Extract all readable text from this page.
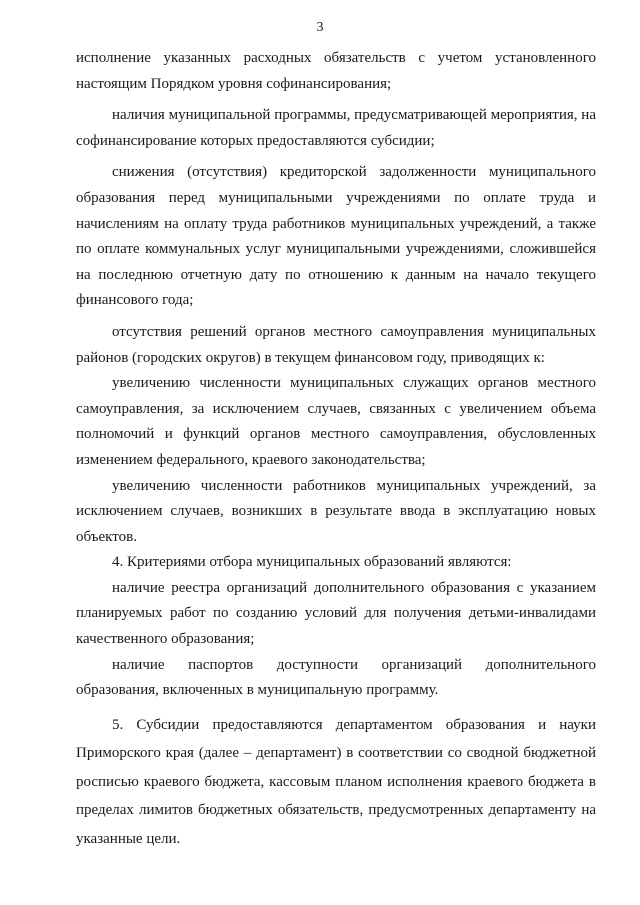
3

исполнение указанных расходных обязательств с учетом установленного настоящим Порядком уровня софинансирования;

наличия муниципальной программы, предусматривающей мероприятия, на софинансирование которых предоставляются субсидии;

снижения (отсутствия) кредиторской задолженности муниципального образования перед муниципальными учреждениями по оплате труда и начислениям на оплату труда работников муниципальных учреждений, а также по оплате коммунальных услуг муниципальными учреждениями, сложившейся на последнюю отчетную дату по отношению к данным на начало текущего финансового года;

отсутствия решений органов местного самоуправления муниципальных районов (городских округов) в текущем финансовом году, приводящих к:

увеличению численности муниципальных служащих органов местного самоуправления, за исключением случаев, связанных с увеличением объема полномочий и функций органов местного самоуправления, обусловленных изменением федерального, краевого законодательства;

увеличению численности работников муниципальных учреждений, за исключением случаев, возникших в результате ввода в эксплуатацию новых объектов.

4. Критериями отбора муниципальных образований являются:

наличие реестра организаций дополнительного образования с указанием планируемых работ по созданию условий для получения детьми-инвалидами качественного образования;

наличие паспортов доступности организаций дополнительного образования, включенных в муниципальную программу.

5. Субсидии предоставляются департаментом образования и науки Приморского края (далее – департамент) в соответствии со сводной бюджетной росписью краевого бюджета, кассовым планом исполнения краевого бюджета в пределах лимитов бюджетных обязательств, предусмотренных департаменту на указанные цели.
